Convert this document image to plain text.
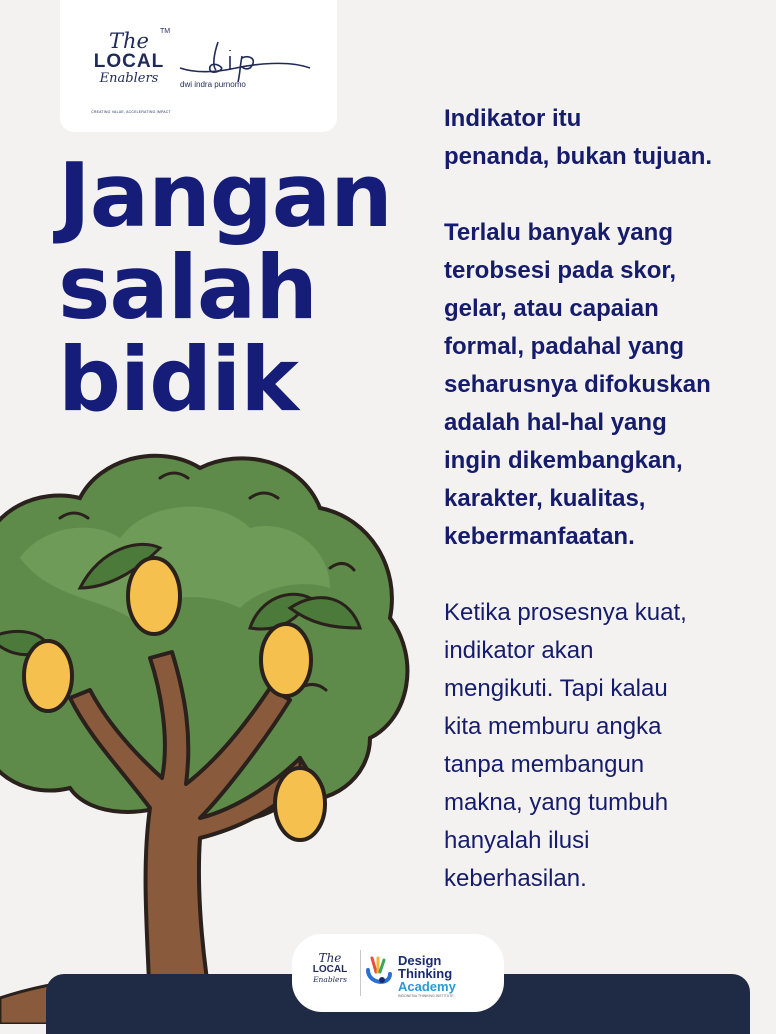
The
LOCAL
Enablers
TM
CREATING VALUE, ACCELERATING IMPACT
dwi indra purnomo
Jangan
salah
bidik

Indikator itu
penanda, bukan tujuan.

Terlalu banyak yang
terobsesi pada skor,
gelar, atau capaian
formal, padahal yang
seharusnya difokuskan
adalah hal-hal yang
ingin dikembangkan,
karakter, kualitas,
kebermanfaatan.

Ketika prosesnya kuat,
indikator akan
mengikuti. Tapi kalau
kita memburu angka
tanpa membangun
makna, yang tumbuh
hanyalah ilusi
keberhasilan.

The
LOCAL
Enablers
Design
Thinking
Academy
INDONESIA THINKING INSTITUTE
